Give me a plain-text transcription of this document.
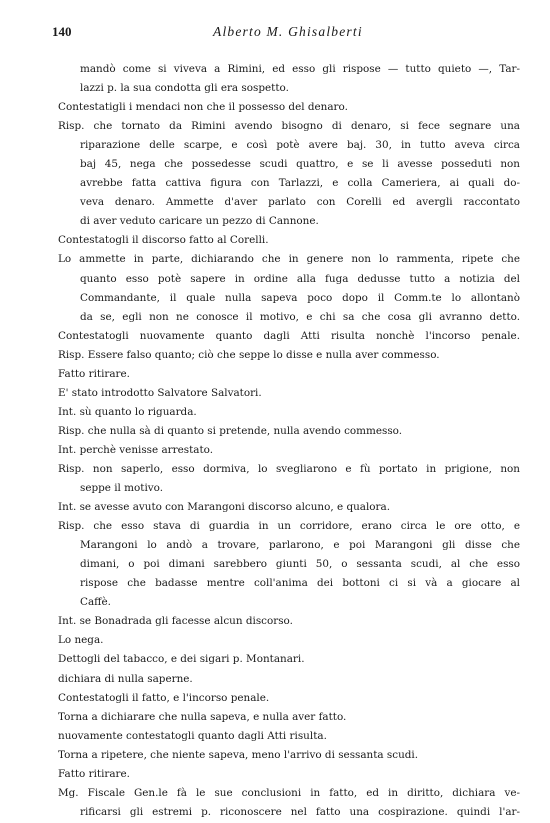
140	Alberto M. Ghisalberti
mandò come si viveva a Rimini, ed esso gli rispose — tutto quieto —, Tar-
lazzi p. la sua condotta gli era sospetto.
Contestatigli i mendaci non che il possesso del denaro.
Risp. che tornato da Rimini avendo bisogno di denaro, si fece segnare una
riparazione delle scarpe, e così potè avere baj. 30, in tutto aveva circa
baj 45, nega che possedesse scudi quattro, e se li avesse posseduti non
avrebbe fatta cattiva figura con Tarlazzi, e colla Cameriera, ai quali do-
veva denaro. Ammette d'aver parlato con Corelli ed avergli raccontato
di aver veduto caricare un pezzo di Cannone.
Contestatogli il discorso fatto al Corelli.
Lo ammette in parte, dichiarando che in genere non lo rammenta, ripete che
quanto esso potè sapere in ordine alla fuga dedusse tutto a notizia del
Commandante, il quale nulla sapeva poco dopo il Comm.te lo allontanò
da se, egli non ne conosce il motivo, e chi sa che cosa gli avranno detto.
Contestatogli nuovamente quanto dagli Atti risulta nonchè l'incorso penale.
Risp. Essere falso quanto; ciò che seppe lo disse e nulla aver commesso.
Fatto ritirare.
E' stato introdotto Salvatore Salvatori.
Int. sù quanto lo riguarda.
Risp. che nulla sà di quanto si pretende, nulla avendo commesso.
Int. perchè venisse arrestato.
Risp. non saperlo, esso dormiva, lo svegliarono e fù portato in prigione, non
seppe il motivo.
Int. se avesse avuto con Marangoni discorso alcuno, e qualora.
Risp. che esso stava di guardia in un corridore, erano circa le ore otto, e
Marangoni lo andò a trovare, parlarono, e poi Marangoni gli disse che
dimani, o poi dimani sarebbero giunti 50, o sessanta scudi, al che esso
rispose che badasse mentre coll'anima dei bottoni ci si và a giocare al
Caffè.
Int. se Bonadrada gli facesse alcun discorso.
Lo nega.
Dettogli del tabacco, e dei sigari p. Montanari.
dichiara di nulla saperne.
Contestatogli il fatto, e l'incorso penale.
Torna a dichiarare che nulla sapeva, e nulla aver fatto.
nuovamente contestatogli quanto dagli Atti risulta.
Torna a ripetere, che niente sapeva, meno l'arrivo di sessanta scudi.
Fatto ritirare.
Mg. Fiscale Gen.le fà le sue conclusioni in fatto, ed in diritto, dichiara ve-
rificarsi gli estremi p. riconoscere nel fatto una cospirazione. quindi l'ar-
